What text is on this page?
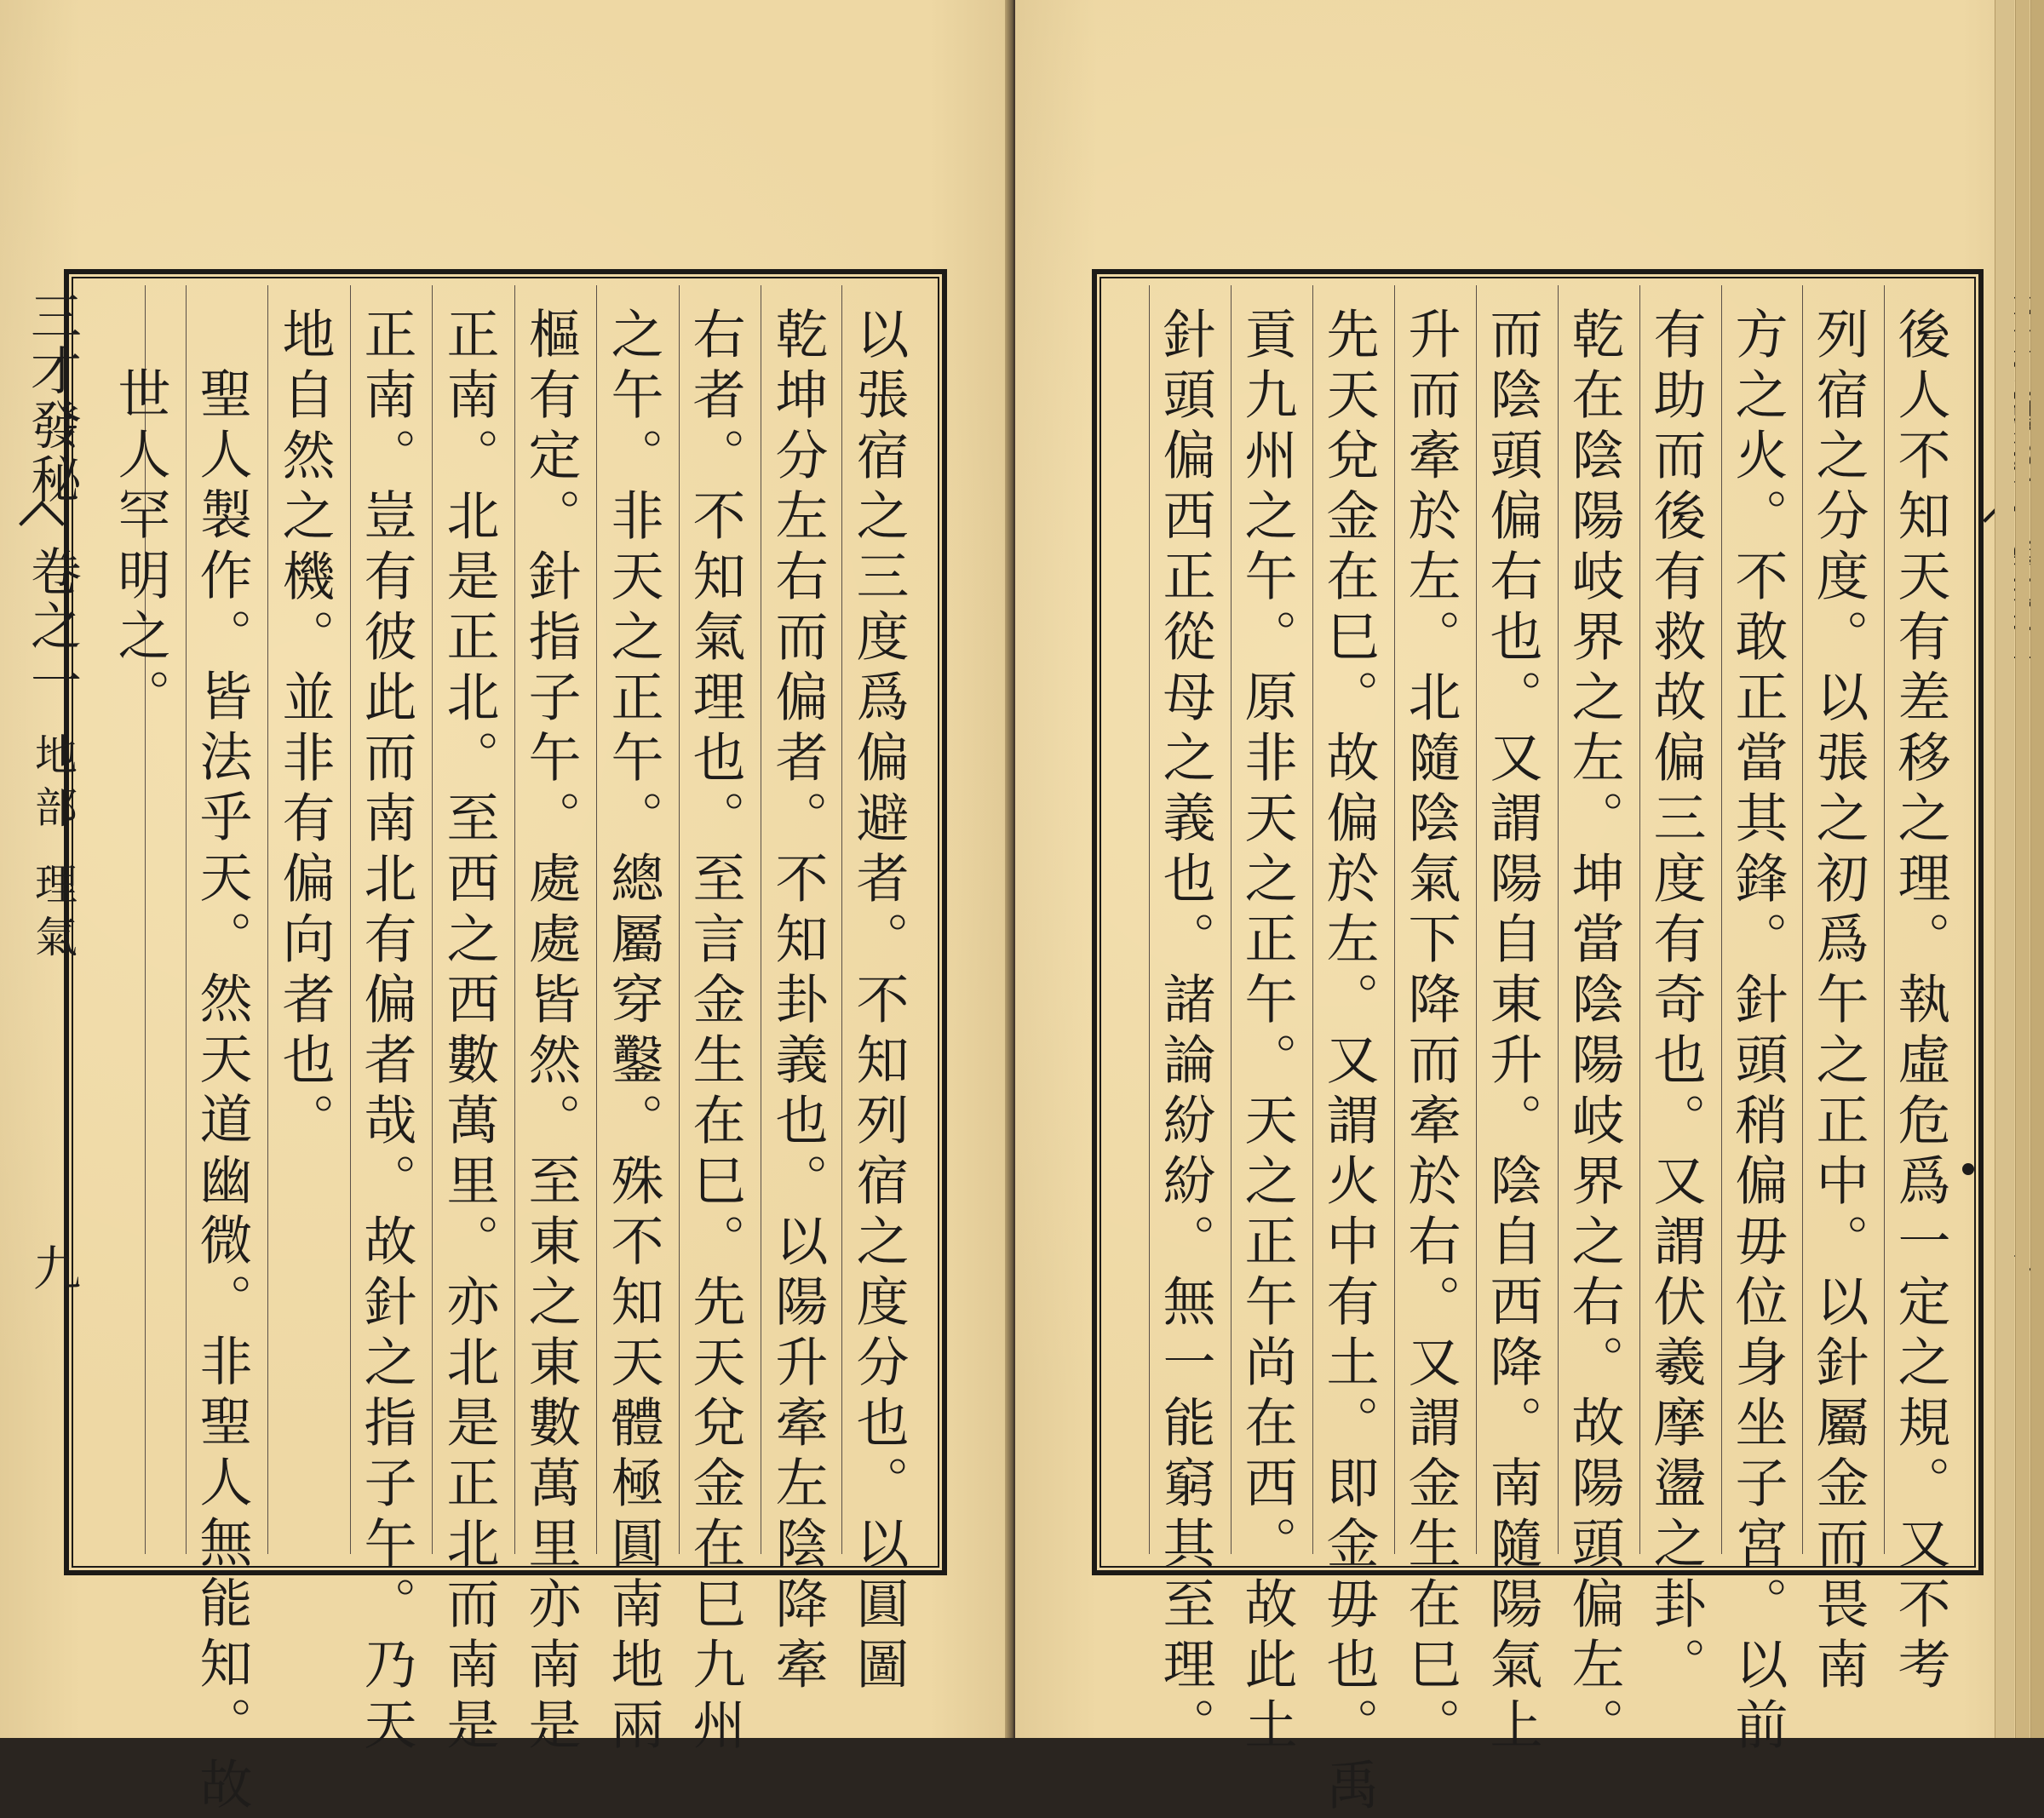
以張宿之三度爲偏避者。不知列宿之度分也。以圓圖
乾坤分左右而偏者。不知卦義也。以陽升牽左陰降牽
右者。不知氣理也。至言金生在巳。先天兌金在巳九州
之午。非天之正午。總屬穿鑿。殊不知天體極圓南地兩
樞有定。針指子午。處處皆然。至東之東數萬里亦南是
正南。北是正北。至西之西數萬里。亦北是正北而南是
正南。豈有彼此而南北有偏者哉。故針之指子午。乃天
地自然之機。並非有偏向者也。
聖人製作。皆法乎天。然天道幽微。非聖人無能知。故
世人罕明之。
三才發秘
卷之一
地部 理氣
九	後人不知天有差移之理。執虛危爲一定之規。又不考
列宿之分度。以張之初爲午之正中。以針屬金而畏南
方之火。不敢正當其鋒。針頭稍偏毋位身坐子宮。以前
有助而後有救故偏三度有奇也。又謂伏羲摩盪之卦。
乾在陰陽岐界之左。坤當陰陽岐界之右。故陽頭偏左。
而陰頭偏右也。又謂陽自東升。陰自西降。南隨陽氣上
升而牽於左。北隨陰氣下降而牽於右。又謂金生在巳。
先天兌金在巳。故偏於左。又謂火中有土。即金毋也。禹
貢九州之午。原非天之正午。天之正午尚在西。故此土
針頭偏西正從母之義也。諸論紛紛。無一能窮其至理。
